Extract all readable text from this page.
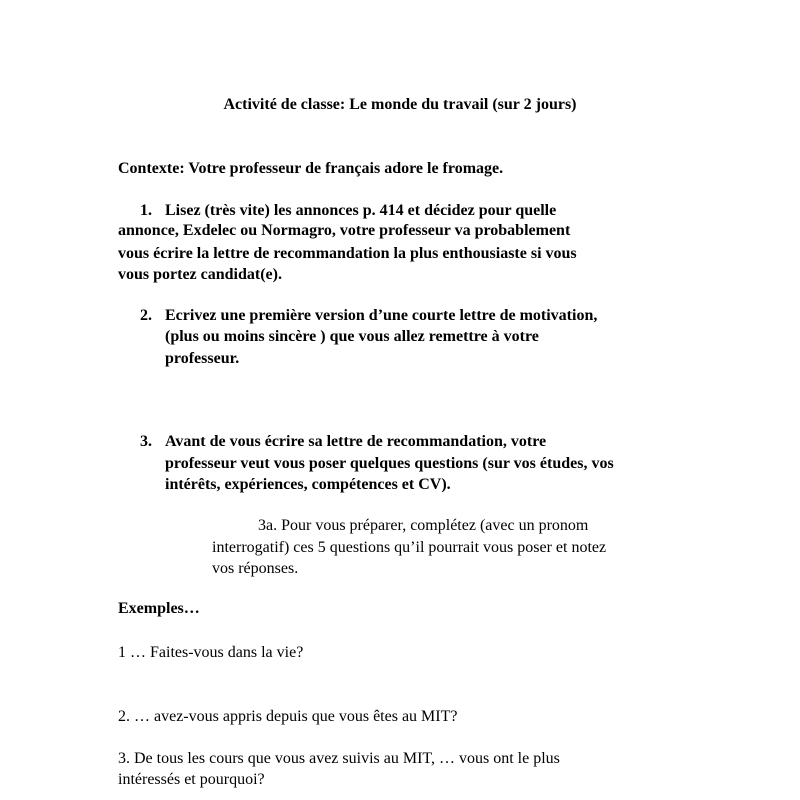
Activité de classe: Le monde du travail (sur 2 jours)

Contexte: Votre professeur de français adore le fromage.

1. Lisez (très vite) les annonces p. 414 et décidez pour quelle

annonce, Exdelec ou Normagro, votre professeur va probablement

vous écrire la lettre de recommandation la plus enthousiaste si vous

vous portez candidat(e).

2. Ecrivez une première version d’une courte lettre de motivation,

(plus ou moins sincère ) que vous allez remettre à votre

professeur.

3. Avant de vous écrire sa lettre de recommandation, votre

professeur veut vous poser quelques questions (sur vos études, vos

intérêts, expériences, compétences et CV).

3a. Pour vous préparer, complétez (avec un pronom

interrogatif) ces 5 questions qu’il pourrait vous poser et notez

vos réponses.

Exemples…

1 … Faites-vous dans la vie?

2. … avez-vous appris depuis que vous êtes au MIT?

3. De tous les cours que vous avez suivis au MIT, … vous ont le plus

intéressés et pourquoi?
